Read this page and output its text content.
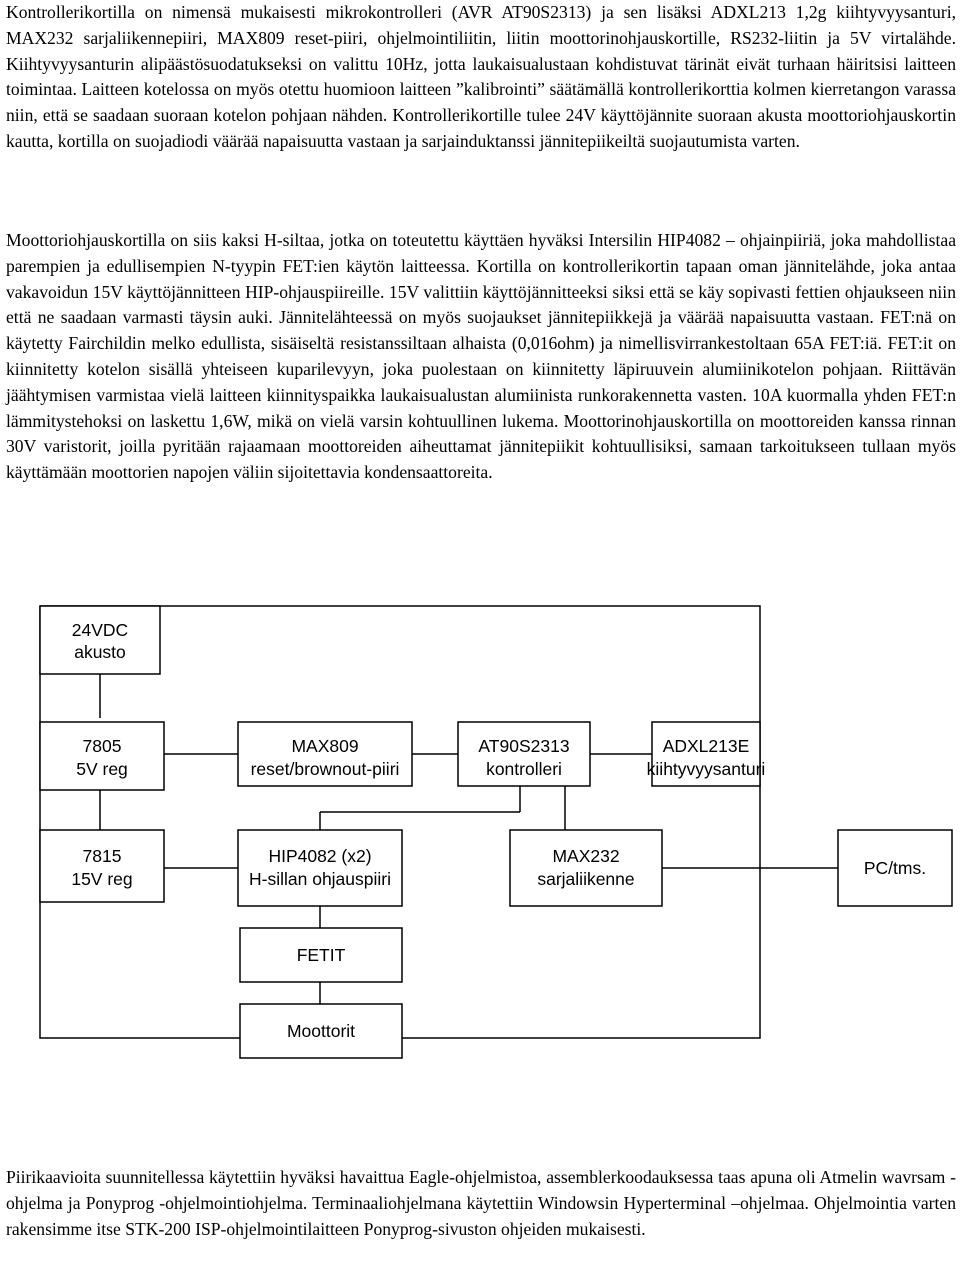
Kontrollerikortilla on nimensä mukaisesti mikrokontrolleri (AVR AT90S2313) ja sen lisäksi ADXL213 1,2g kiihtyvyysanturi, MAX232 sarjaliikennepiiri, MAX809 reset-piiri, ohjelmointiliitin, liitin moottorinohjauskortille, RS232-liitin ja 5V virtalähde. Kiihtyvyysanturin alipäästösuodatukseksi on valittu 10Hz, jotta laukaisualustaan kohdistuvat tärinät eivät turhaan häiritsisi laitteen toimintaa. Laitteen kotelossa on myös otettu huomioon laitteen ”kalibrointi” säätämällä kontrollerikorttia kolmen kierretangon varassa niin, että se saadaan suoraan kotelon pohjaan nähden. Kontrollerikortille tulee 24V käyttöjännite suoraan akusta moottoriohjauskortin kautta, kortilla on suojadiodi väärää napaisuutta vastaan ja sarjainduktanssi jännitepiikeiltä suojautumista varten.

Moottoriohjauskortilla on siis kaksi H-siltaa, jotka on toteutettu käyttäen hyväksi Intersilin HIP4082 – ohjainpiiriä, joka mahdollistaa parempien ja edullisempien N-tyypin FET:ien käytön laitteessa. Kortilla on kontrollerikortin tapaan oman jännitelähde, joka antaa vakavoidun 15V käyttöjännitteen HIP-ohjauspiireille. 15V valittiin käyttöjännitteeksi siksi että se käy sopivasti fettien ohjaukseen niin että ne saadaan varmasti täysin auki. Jännitelähteessä on myös suojaukset jännitepiikkejä ja väärää napaisuutta vastaan. FET:nä on käytetty Fairchildin melko edullista, sisäiseltä resistanssiltaan alhaista (0,016ohm) ja nimellisvirrankestoltaan 65A FET:iä. FET:it on kiinnitetty kotelon sisällä yhteiseen kuparilevyyn, joka puolestaan on kiinnitetty läpiruuvein alumiinikotelon pohjaan. Riittävän jäähtymisen varmistaa vielä laitteen kiinnityspaikka laukaisualustan alumiinista runkorakennetta vasten. 10A kuormalla yhden FET:n lämmitystehoksi on laskettu 1,6W, mikä on vielä varsin kohtuullinen lukema. Moottorinohjauskortilla on moottoreiden kanssa rinnan 30V varistorit, joilla pyritään rajaamaan moottoreiden aiheuttamat jännitepiikit kohtuullisiksi, samaan tarkoitukseen tullaan myös käyttämään moottorien napojen väliin sijoitettavia kondensaattoreita.

24VDC
akusto
7805
5V reg
MAX809
reset/brownout-piiri
AT90S2313
kontrolleri
ADXL213E
kiihtyvyysanturi
7815
15V reg
HIP4082 (x2)
H-sillan ohjauspiiri
MAX232
sarjaliikenne
PC/tms.
FETIT
Moottorit

Piirikaavioita suunnitellessa käytettiin hyväksi havaittua Eagle-ohjelmistoa, assemblerkoodauksessa taas apuna oli Atmelin wavrsam -ohjelma ja Ponyprog -ohjelmointiohjelma. Terminaaliohjelmana käytettiin Windowsin Hyperterminal –ohjelmaa. Ohjelmointia varten rakensimme itse STK-200 ISP-ohjelmointilaitteen Ponyprog-sivuston ohjeiden mukaisesti.
